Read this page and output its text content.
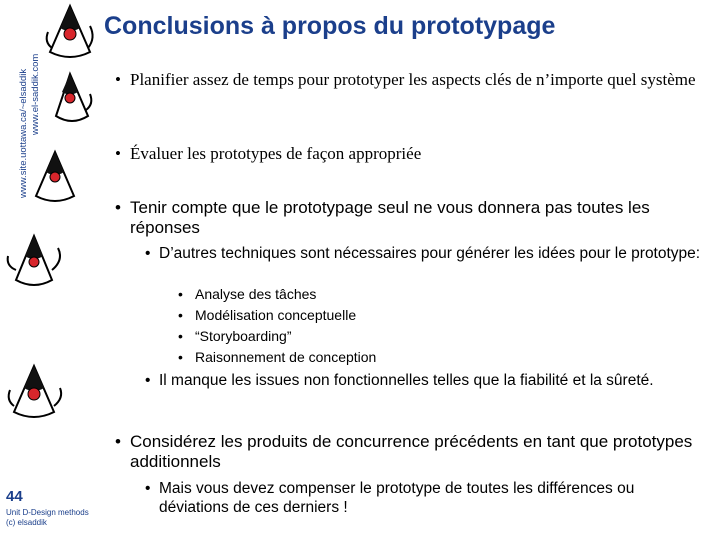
Conclusions à propos du prototypage
www.site.uottawa.ca/~elsaddik www.el-saddik.com	• Planifier assez de temps pour prototyper les aspects clés de n’importe quel système
• Évaluer les prototypes de façon appropriée
• Tenir compte que le prototypage seul ne vous donnera pas toutes les réponses
• D’autres techniques sont nécessaires pour générer les idées pour le prototype:
• Analyse des tâches
• Modélisation conceptuelle
• “Storyboarding”
• Raisonnement de conception
• Il manque les issues non fonctionnelles telles que la fiabilité et la sûreté.
• Considérez les produits de concurrence précédents en tant que prototypes additionnels
• Mais vous devez compenser le prototype de toutes les différences ou déviations de ces derniers !
44
Unit D-Design methods
(c) elsaddik
